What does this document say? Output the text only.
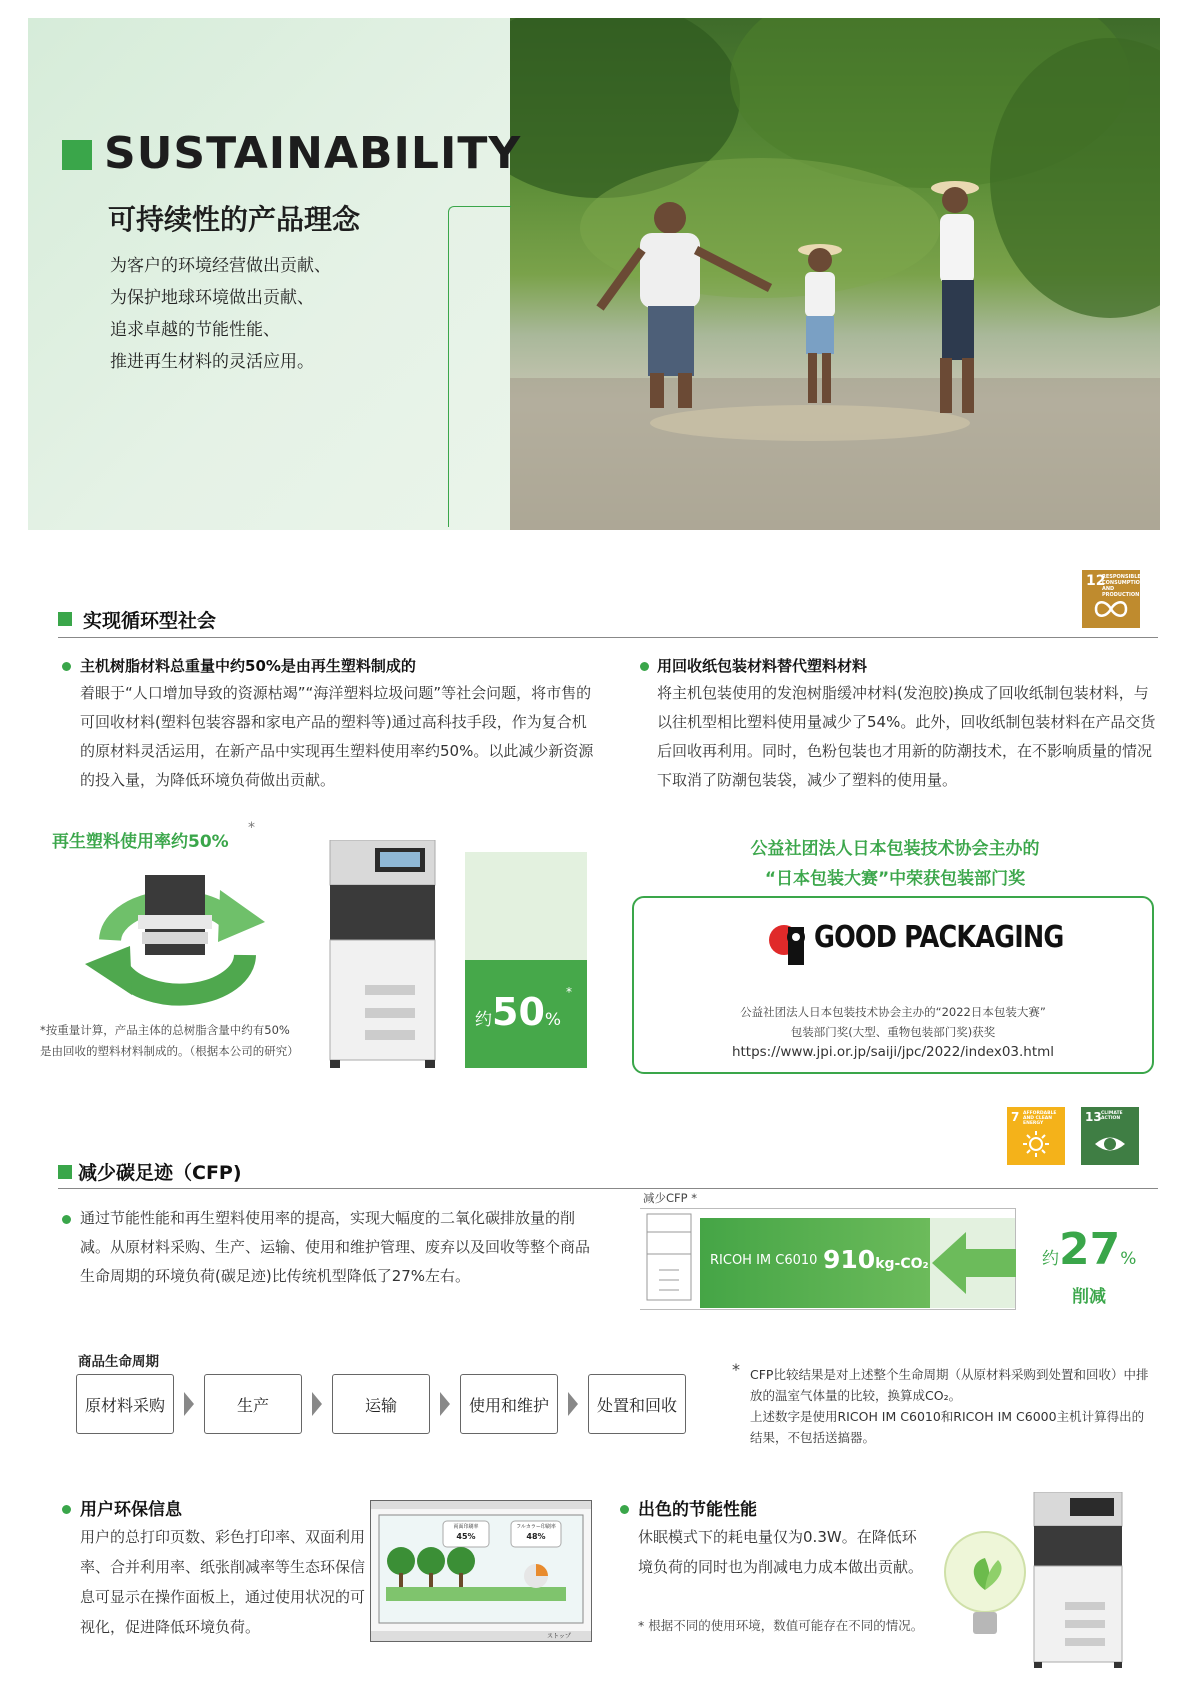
SUSTAINABILITY
可持续性的产品理念
为客户的环境经营做出贡献、
为保护地球环境做出贡献、
追求卓越的节能性能、
推进再生材料的灵活应用。
12
RESPONSIBLE CONSUMPTION AND PRODUCTION
实现循环型社会
主机树脂材料总重量中约50%是由再生塑料制成的
着眼于“人口增加导致的资源枯竭”“海洋塑料垃圾问题”等社会问题，将市售的可回收材料(塑料包装容器和家电产品的塑料等)通过高科技手段，作为复合机的原材料灵活运用，在新产品中实现再生塑料使用率约50%。以此减少新资源的投入量，为降低环境负荷做出贡献。
用回收纸包装材料替代塑料材料
将主机包装使用的发泡树脂缓冲材料(发泡胶)换成了回收纸制包装材料，与以往机型相比塑料使用量减少了54%。此外，回收纸制包装材料在产品交货后回收再利用。同时，色粉包装也才用新的防潮技术，在不影响质量的情况下取消了防潮包装袋，减少了塑料的使用量。
再生塑料使用率约50%
*
*按重量计算，产品主体的总树脂含量中约有50%是由回收的塑料材料制成的。（根据本公司的研究）
约50%
*
公益社团法人日本包装技术协会主办的
“日本包装大赛”中荣获包装部门奖
GOOD PACKAGING
公益社团法人日本包装技术协会主办的“2022日本包装大赛”
包装部门奖(大型、重物包装部门奖)获奖
https://www.jpi.or.jp/saiji/jpc/2022/index03.html
7 AFFORDABLE AND CLEAN ENERGY	13 CLIMATE ACTION
减少碳足迹（CFP)
通过节能性能和再生塑料使用率的提高，实现大幅度的二氧化碳排放量的削减。从原材料采购、生产、运输、使用和维护管理、废弃以及回收等整个商品生命周期的环境负荷(碳足迹)比传统机型降低了27%左右。
减少CFP *
RICOH IM C6010 910kg-CO₂	约27%
削减
商品生命周期
原材料采购	生产	运输	使用和维护	处置和回收
* CFP比较结果是对上述整个生命周期（从原材料采购到处置和回收）中排放的温室气体量的比较，换算成CO₂。
上述数字是使用RICOH IM C6010和RICOH IM C6000主机计算得出的结果，不包括送搞器。
用户环保信息
用户的总打印页数、彩色打印率、双面利用率、合并利用率、纸张削减率等生态环保信息可显示在操作面板上，通过使用状况的可视化，促进降低环境负荷。
両面印刷率
45%
フルカラー印刷率
48%
ストップ
出色的节能性能
休眠模式下的耗电量仅为0.3W。在降低环境负荷的同时也为削减电力成本做出贡献。
* 根据不同的使用环境，数值可能存在不同的情况。
